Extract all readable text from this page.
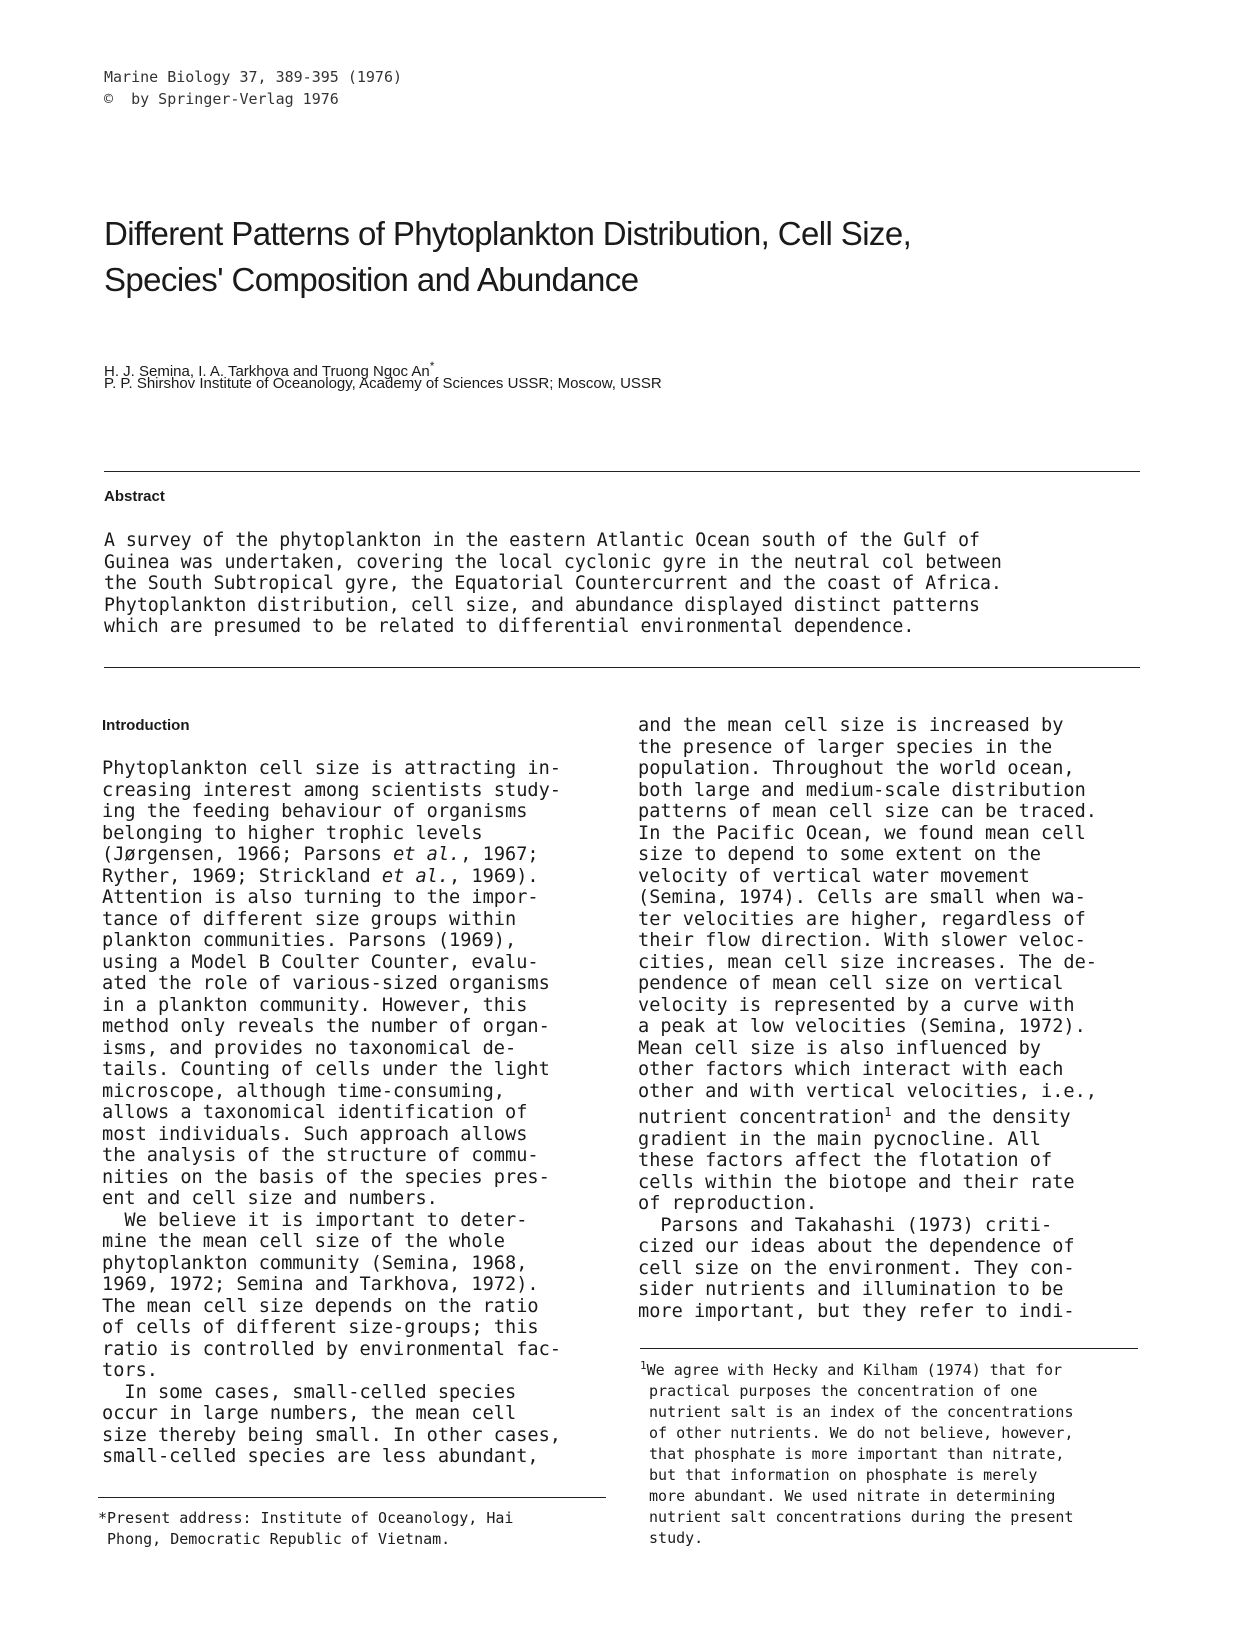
Marine Biology 37, 389-395 (1976)
©  by Springer-Verlag 1976
Different Patterns of Phytoplankton Distribution, Cell Size,
Species' Composition and Abundance
H. J. Semina, I. A. Tarkhova and Truong Ngoc An*
P. P. Shirshov Institute of Oceanology, Academy of Sciences USSR; Moscow, USSR
Abstract
A survey of the phytoplankton in the eastern Atlantic Ocean south of the Gulf of
Guinea was undertaken, covering the local cyclonic gyre in the neutral col between
the South Subtropical gyre, the Equatorial Countercurrent and the coast of Africa.
Phytoplankton distribution, cell size, and abundance displayed distinct patterns
which are presumed to be related to differential environmental dependence.
Introduction
Phytoplankton cell size is attracting in-
creasing interest among scientists study-
ing the feeding behaviour of organisms
belonging to higher trophic levels
(Jørgensen, 1966; Parsons et al., 1967;
Ryther, 1969; Strickland et al., 1969).
Attention is also turning to the impor-
tance of different size groups within
plankton communities. Parsons (1969),
using a Model B Coulter Counter, evalu-
ated the role of various-sized organisms
in a plankton community. However, this
method only reveals the number of organ-
isms, and provides no taxonomical de-
tails. Counting of cells under the light
microscope, although time-consuming,
allows a taxonomical identification of
most individuals. Such approach allows
the analysis of the structure of commu-
nities on the basis of the species pres-
ent and cell size and numbers.
We believe it is important to deter-
mine the mean cell size of the whole
phytoplankton community (Semina, 1968,
1969, 1972; Semina and Tarkhova, 1972).
The mean cell size depends on the ratio
of cells of different size-groups; this
ratio is controlled by environmental fac-
tors.
In some cases, small-celled species
occur in large numbers, the mean cell
size thereby being small. In other cases,
small-celled species are less abundant,
and the mean cell size is increased by
the presence of larger species in the
population. Throughout the world ocean,
both large and medium-scale distribution
patterns of mean cell size can be traced.
In the Pacific Ocean, we found mean cell
size to depend to some extent on the
velocity of vertical water movement
(Semina, 1974). Cells are small when wa-
ter velocities are higher, regardless of
their flow direction. With slower veloc-
cities, mean cell size increases. The de-
pendence of mean cell size on vertical
velocity is represented by a curve with
a peak at low velocities (Semina, 1972).
Mean cell size is also influenced by
other factors which interact with each
other and with vertical velocities, i.e.,
nutrient concentration$^1$ and the density
gradient in the main pycnocline. All
these factors affect the flotation of
cells within the biotope and their rate
of reproduction.
Parsons and Takahashi (1973) criti-
cized our ideas about the dependence of
cell size on the environment. They con-
sider nutrients and illumination to be
more important, but they refer to indi-
$^1$We agree with Hecky and Kilham (1974) that for
practical purposes the concentration of one
nutrient salt is an index of the concentrations
of other nutrients. We do not believe, however,
that phosphate is more important than nitrate,
but that information on phosphate is merely
more abundant. We used nitrate in determining
nutrient salt concentrations during the present
study.
*Present address: Institute of Oceanology, Hai
Phong, Democratic Republic of Vietnam.
